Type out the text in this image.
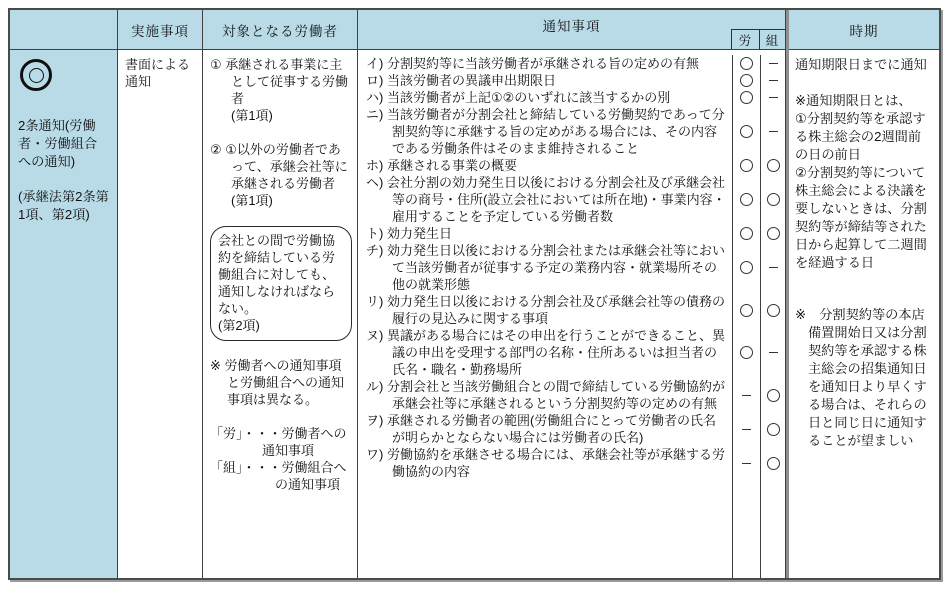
2条通知(労働者・労働組合への通知)
(承継法第2条第1項、第2項)
実施事項
書面による通知
対象となる労働者
① 承継される事業に主として従事する労働者
(第1項)
② ①以外の労働者であって、承継会社等に承継される労働者
(第1項)
会社との間で労働協約を締結している労働組合に対しても、通知しなければならない。
(第2項)
※ 労働者への通知事項と労働組合への通知事項は異なる。
「労」・・・労働者への
　　　　通知事項
「組」・・・労働組合へ
　　　　　の通知事項
通知事項
労	組
イ) 分割契約等に当該労働者が承継される旨の定めの有無
ロ) 当該労働者の異議申出期限日
ハ) 当該労働者が上記①②のいずれに該当するかの別
ニ) 当該労働者が分割会社と締結している労働契約であって分割契約等に承継する旨の定めがある場合には、その内容である労働条件はそのまま維持されること
ホ) 承継される事業の概要
ヘ) 会社分割の効力発生日以後における分割会社及び承継会社等の商号・住所(設立会社においては所在地)・事業内容・雇用することを予定している労働者数
ト) 効力発生日
チ) 効力発生日以後における分割会社または承継会社等において当該労働者が従事する予定の業務内容・就業場所その他の就業形態
リ) 効力発生日以後における分割会社及び承継会社等の債務の履行の見込みに関する事項
ヌ) 異議がある場合にはその申出を行うことができること、異議の申出を受理する部門の名称・住所あるいは担当者の氏名・職名・勤務場所
ル) 分割会社と当該労働組合との間で締結している労働協約が承継会社等に承継されるという分割契約等の定めの有無
ヲ) 承継される労働者の範囲(労働組合にとって労働者の氏名が明らかとならない場合には労働者の氏名)
ワ) 労働協約を承継させる場合には、承継会社等が承継する労働協約の内容
時期
通知期限日までに通知
※通知期限日とは、
①分割契約等を承認する株主総会の2週間前の日の前日
②分割契約等について株主総会による決議を要しないときは、分割契約等が締結等された日から起算して二週間を経過する日
※　分割契約等の本店備置開始日又は分割契約等を承認する株主総会の招集通知日を通知日より早くする場合は、それらの日と同じ日に通知することが望ましい
